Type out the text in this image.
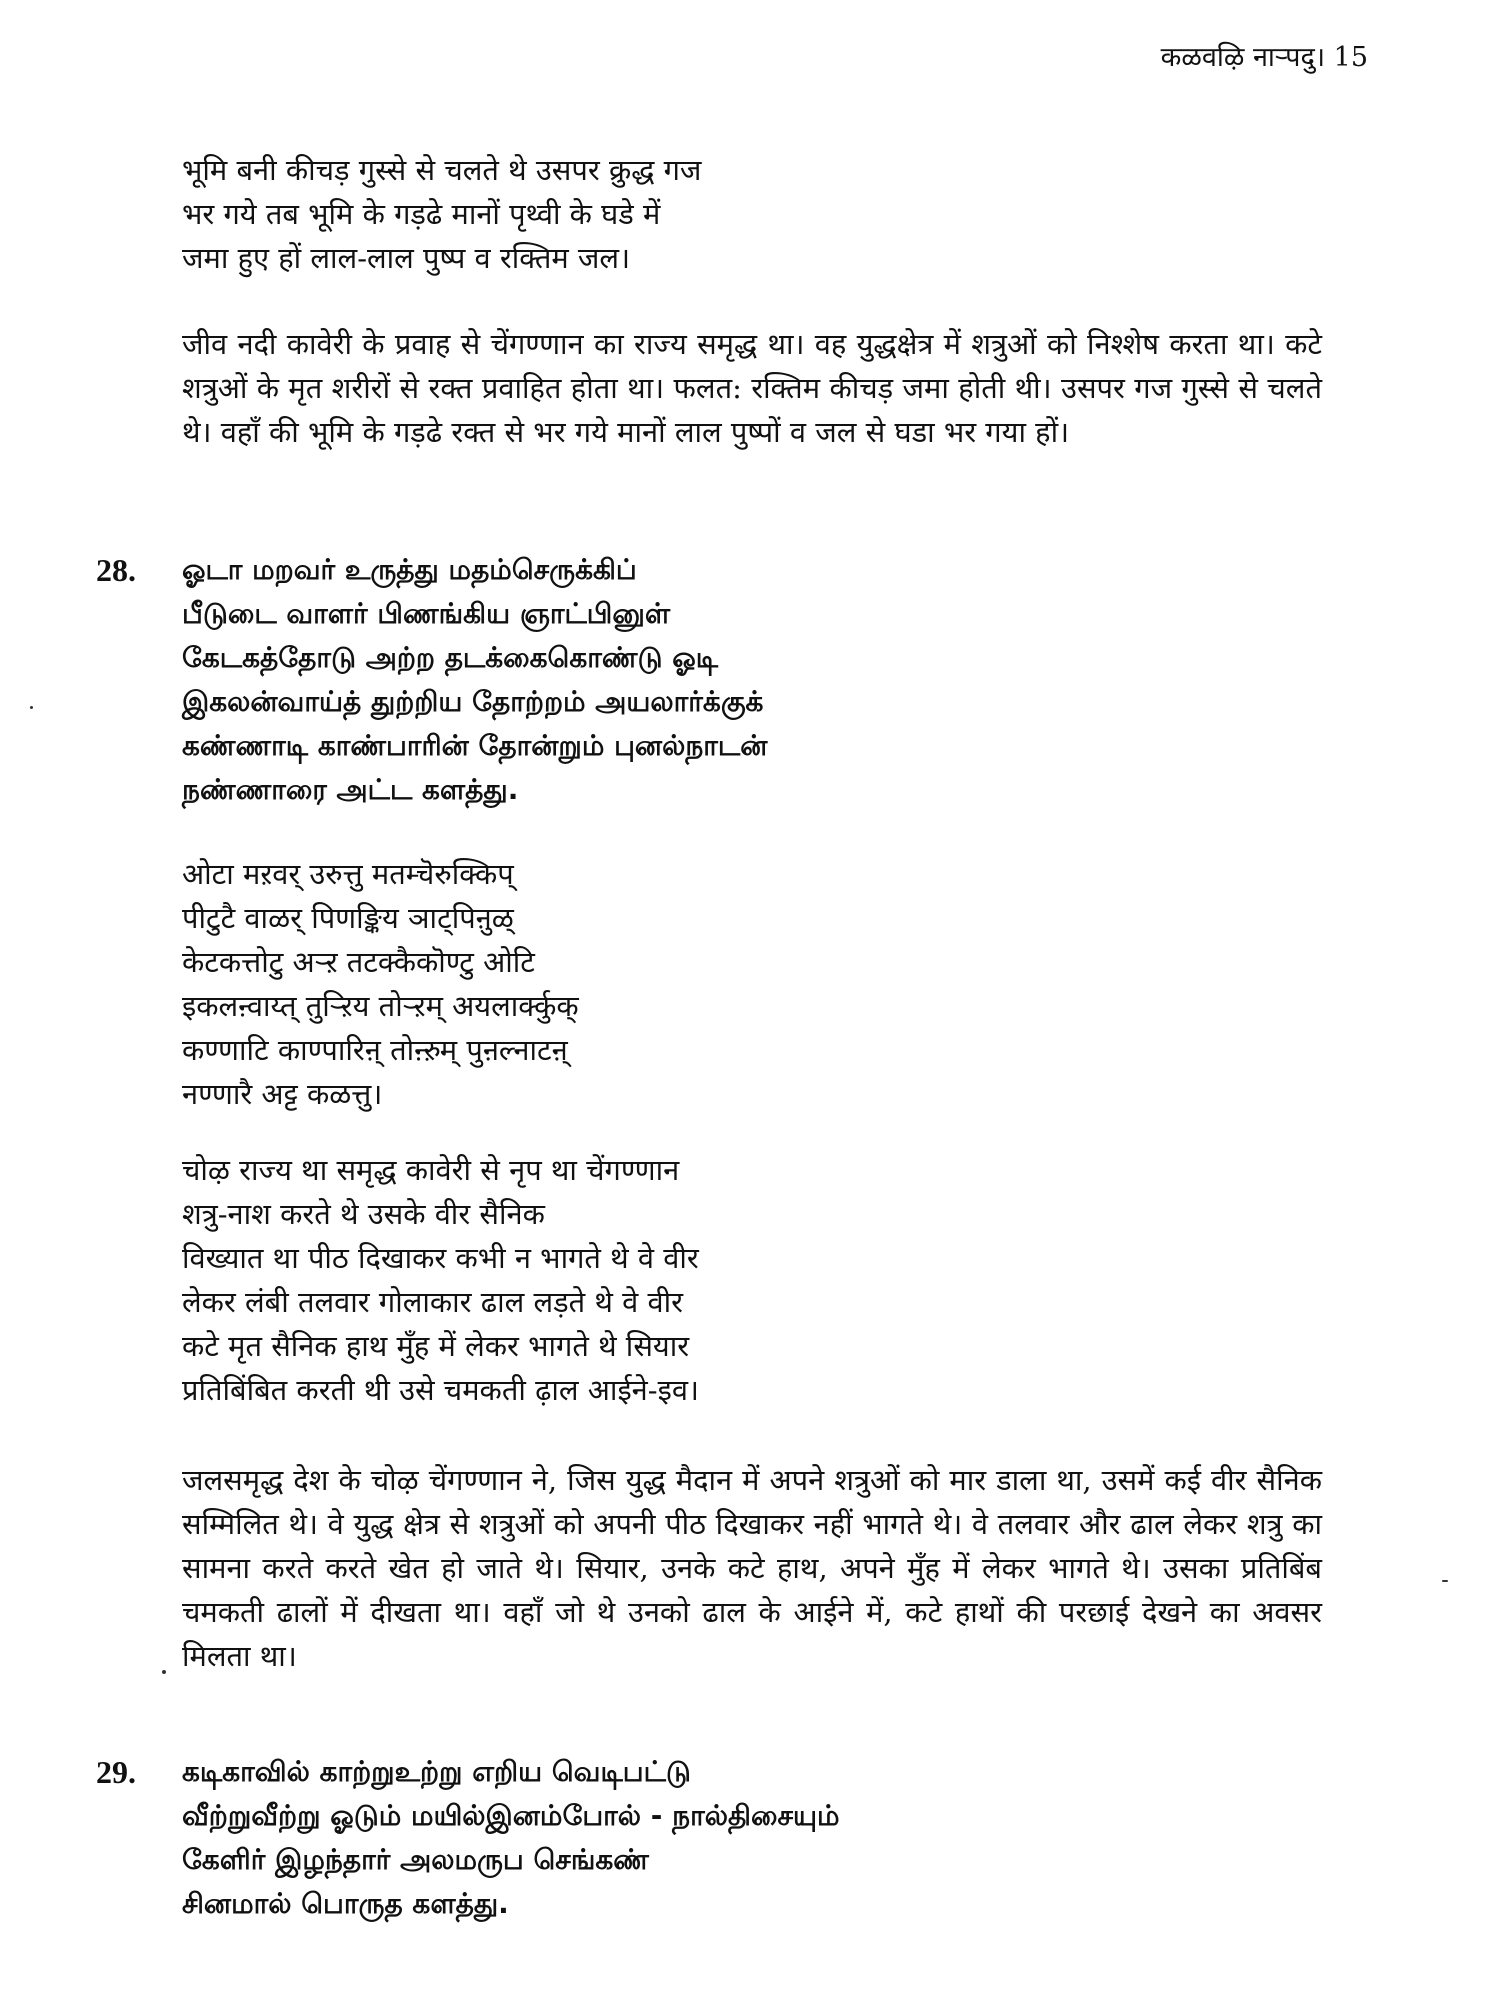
कळवऴि नाऱ्पदु। 15
भूमि बनी कीचड़ गुस्से से चलते थे उसपर क्रुद्ध गज
भर गये तब भूमि के गड़ढे मानों पृथ्वी के घडे में
जमा हुए हों लाल-लाल पुष्प व रक्तिम जल।
जीव नदी कावेरी के प्रवाह से चेंगण्णान का राज्य समृद्ध था। वह युद्धक्षेत्र में शत्रुओं को निश्शेष करता था। कटे शत्रुओं के मृत शरीरों से रक्त प्रवाहित होता था। फलत: रक्तिम कीचड़ जमा होती थी। उसपर गज गुस्से से चलते थे। वहाँ की भूमि के गड़ढे रक्त से भर गये मानों लाल पुष्पों व जल से घडा भर गया हों।
28. ஓடா மறவர் உருத்து மதம்செருக்கிப்
பீடுடை வாளர் பிணங்கிய ஞாட்பினுள்
கேடகத்தோடு அற்ற தடக்கைகொண்டு ஓடி
இகலன்வாய்த் துற்றிய தோற்றம் அயலார்க்குக்
கண்ணாடி காண்பாரின் தோன்றும் புனல்நாடன்
நண்ணாரை அட்ட களத்து.
ओटा मऱवर् उरुत्तु मतम्चॆरुक्किप्
पीटुटै वाळर् पिणङ्किय ञाट्पिऩुळ्
केटकत्तोटु अऱ्ऱ तटक्कैकॊण्टु ओटि
इकलऩ्वाय्त् तुऱ्ऱिय तोऱ्ऱम् अयलार्क्कुक्
कण्णाटि काण्पारिऩ् तोऩ्ऱुम् पुऩल्नाटऩ्
नण्णारै अट्ट कळत्तु।
चोऴ राज्य था समृद्ध कावेरी से नृप था चेंगण्णान
शत्रु-नाश करते थे उसके वीर सैनिक
विख्यात था पीठ दिखाकर कभी न भागते थे वे वीर
लेकर लंबी तलवार गोलाकार ढाल लड़ते थे वे वीर
कटे मृत सैनिक हाथ मुँह में लेकर भागते थे सियार
प्रतिबिंबित करती थी उसे चमकती ढ़ाल आईने-इव।
जलसमृद्ध देश के चोऴ चेंगण्णान ने, जिस युद्ध मैदान में अपने शत्रुओं को मार डाला था, उसमें कई वीर सैनिक सम्मिलित थे। वे युद्ध क्षेत्र से शत्रुओं को अपनी पीठ दिखाकर नहीं भागते थे। वे तलवार और ढाल लेकर शत्रु का सामना करते करते खेत हो जाते थे। सियार, उनके कटे हाथ, अपने मुँह में लेकर भागते थे। उसका प्रतिबिंब चमकती ढालों में दीखता था। वहाँ जो थे उनको ढाल के आईने में, कटे हाथों की परछाई देखने का अवसर मिलता था।
29. கடிகாவில் காற்றுஉற்று எறிய வெடிபட்டு
வீற்றுவீற்று ஓடும் மயில்இனம்போல் - நால்திசையும்
கேளிர் இழந்தார் அலமருப செங்கண்
சினமால் பொருத களத்து.
